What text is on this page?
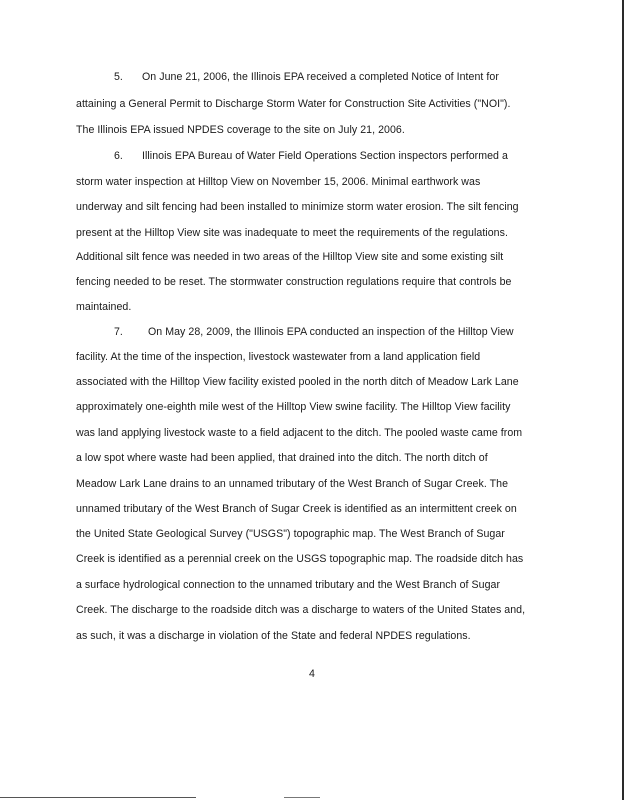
5. On June 21, 2006, the Illinois EPA received a completed Notice of Intent for
attaining a General Permit to Discharge Storm Water for Construction Site Activities ("NOI").
The Illinois EPA issued NPDES coverage to the site on July 21, 2006.
6. Illinois EPA Bureau of Water Field Operations Section inspectors performed a
storm water inspection at Hilltop View on November 15, 2006. Minimal earthwork was
underway and silt fencing had been installed to minimize storm water erosion. The silt fencing
present at the Hilltop View site was inadequate to meet the requirements of the regulations.
Additional silt fence was needed in two areas of the Hilltop View site and some existing silt
fencing needed to be reset. The stormwater construction regulations require that controls be
maintained.
7. On May 28, 2009, the Illinois EPA conducted an inspection of the Hilltop View
facility. At the time of the inspection, livestock wastewater from a land application field
associated with the Hilltop View facility existed pooled in the north ditch of Meadow Lark Lane
approximately one-eighth mile west of the Hilltop View swine facility. The Hilltop View facility
was land applying livestock waste to a field adjacent to the ditch. The pooled waste came from
a low spot where waste had been applied, that drained into the ditch. The north ditch of
Meadow Lark Lane drains to an unnamed tributary of the West Branch of Sugar Creek. The
unnamed tributary of the West Branch of Sugar Creek is identified as an intermittent creek on
the United State Geological Survey ("USGS") topographic map. The West Branch of Sugar
Creek is identified as a perennial creek on the USGS topographic map. The roadside ditch has
a surface hydrological connection to the unnamed tributary and the West Branch of Sugar
Creek. The discharge to the roadside ditch was a discharge to waters of the United States and,
as such, it was a discharge in violation of the State and federal NPDES regulations.
4
